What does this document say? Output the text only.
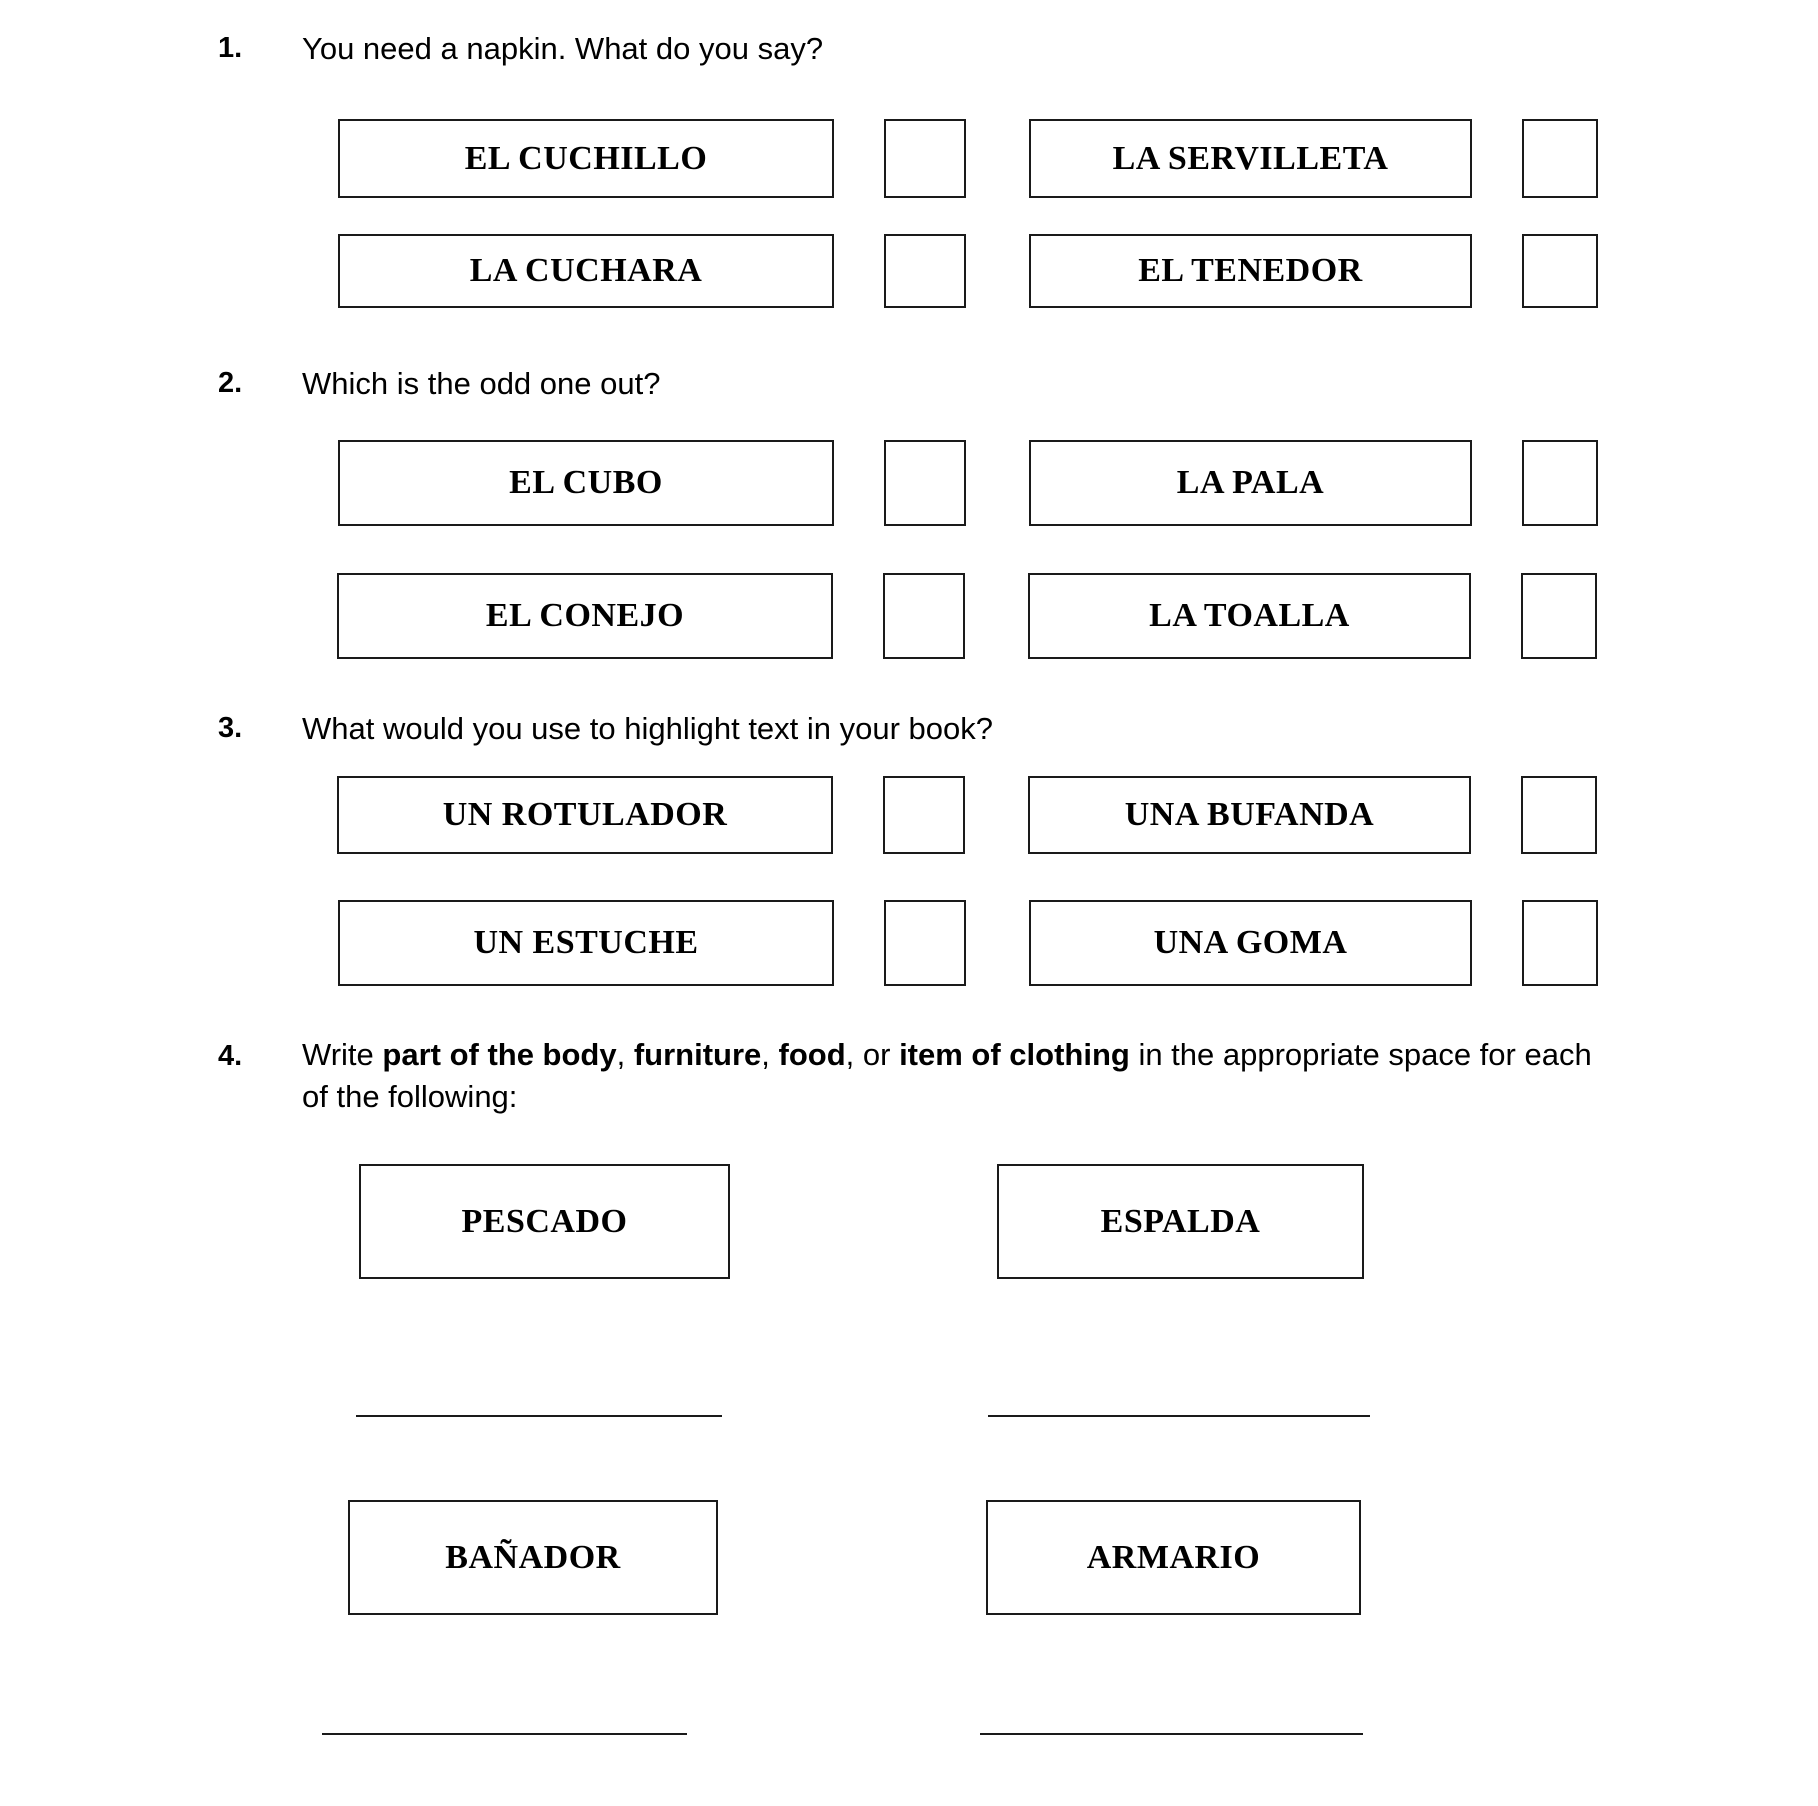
1. You need a napkin. What do you say?
EL CUCHILLO	LA SERVILLETA
LA CUCHARA	EL TENEDOR
2. Which is the odd one out?
EL CUBO	LA PALA
EL CONEJO	LA TOALLA
3. What would you use to highlight text in your book?
UN ROTULADOR	UNA BUFANDA
UN ESTUCHE	UNA GOMA
4. Write part of the body, furniture, food, or item of clothing in the appropriate space for each of the following:
PESCADO	ESPALDA
BAÑADOR	ARMARIO
